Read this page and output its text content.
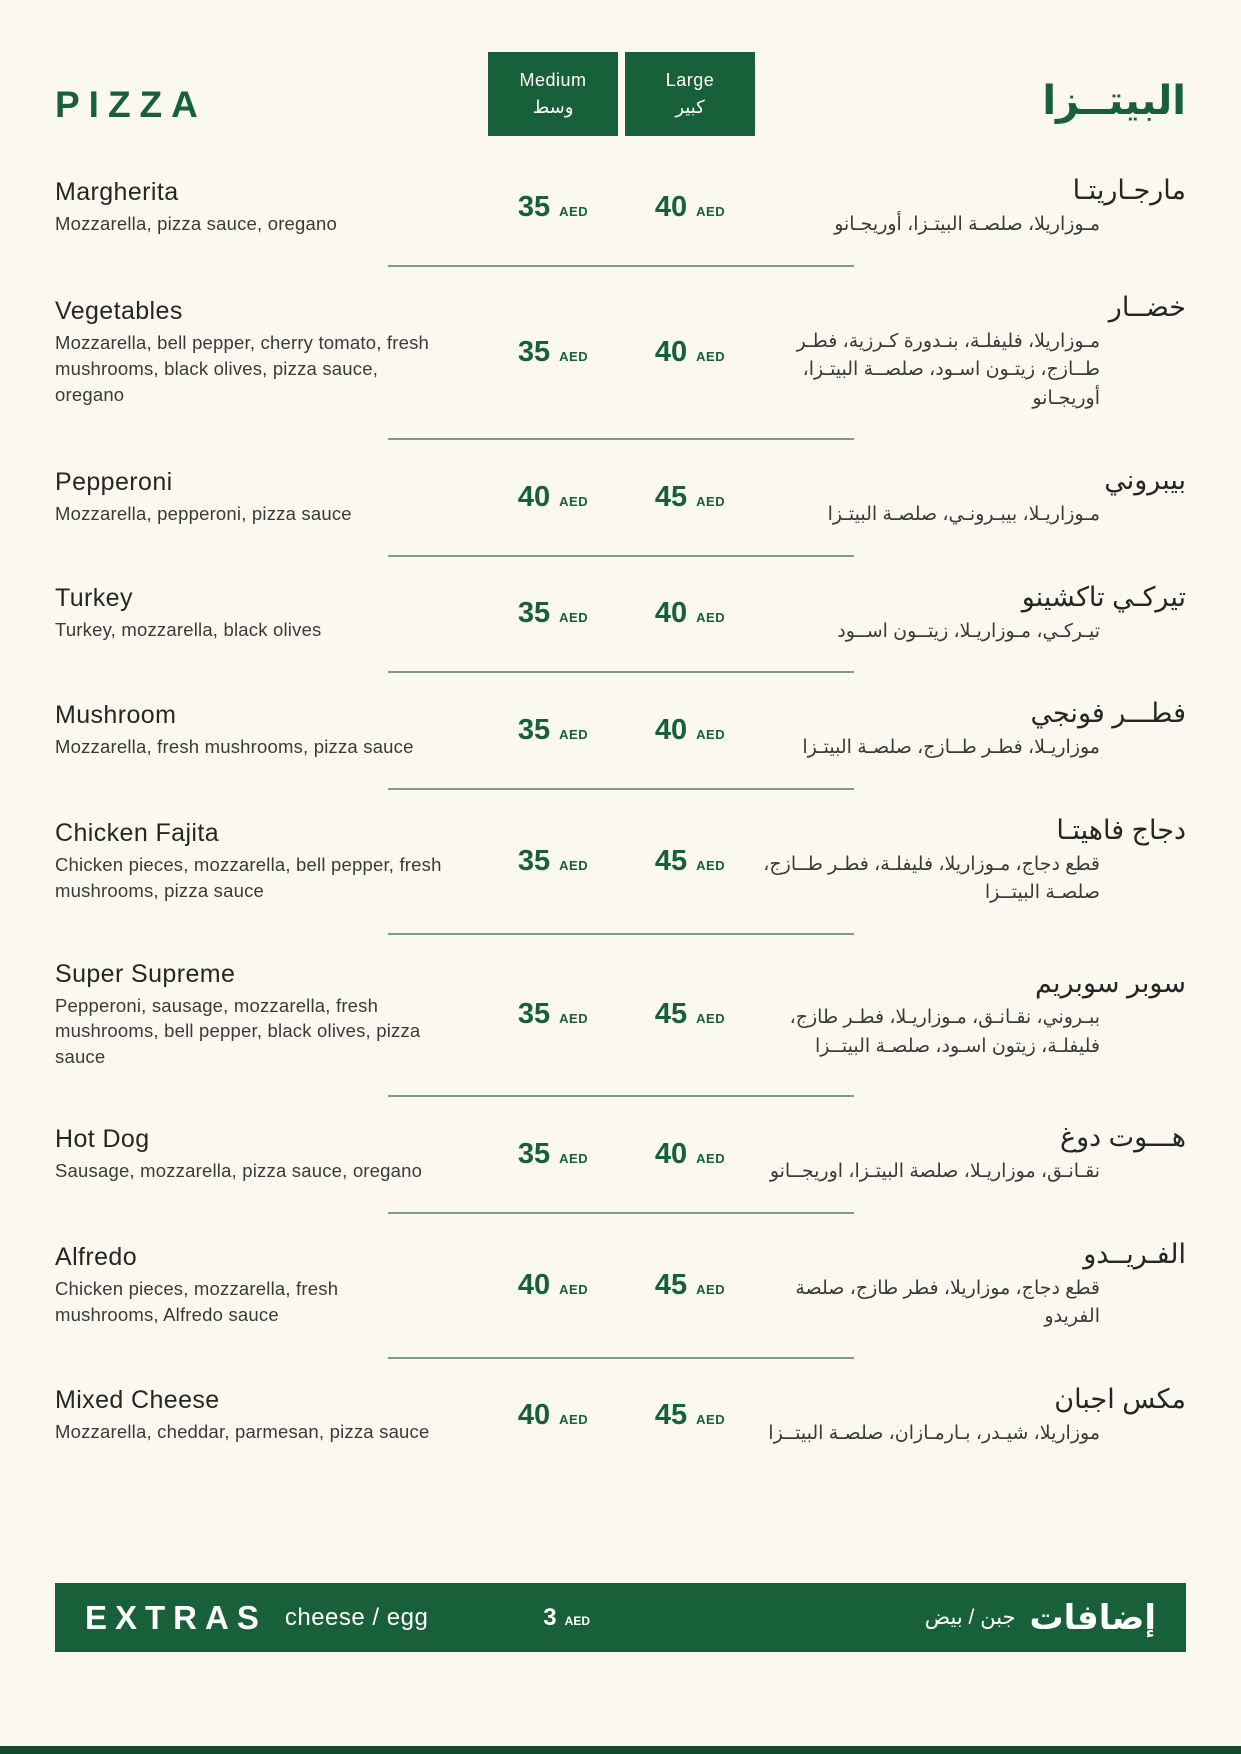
PIZZA
Medium
وسط
Large
كبير	البيتــزا
Margherita

Mozzarella, pizza sauce, oregano

35 AED 40 AED
مارجـاريتـا

مـوزاريلا، صلصـة البيتـزا، أوريجـانو

Vegetables

Mozzarella, bell pepper, cherry tomato, fresh mushrooms, black olives, pizza sauce, oregano

35 AED 40 AED
خضــار

مـوزاريلا، فليفلـة، بنـدورة كـرزية، فطـر طــازج، زيتـون اسـود، صلصــة البيتـزا، أوريجـانو

Pepperoni

Mozzarella, pepperoni, pizza sauce

40 AED 45 AED
بيبروني

مـوزاريـلا، بيبـرونـي، صلصـة البيتـزا

Turkey

Turkey, mozzarella, black olives

35 AED 40 AED
تيركـي تاكشينو

تيـركـي، مـوزاريـلا، زيتــون اســود

Mushroom

Mozzarella, fresh mushrooms, pizza sauce

35 AED 40 AED
فطـــر فونجي

موزاريـلا، فطـر طــازج، صلصـة البيتـزا

Chicken Fajita

Chicken pieces, mozzarella, bell pepper, fresh mushrooms, pizza sauce

35 AED 45 AED
دجاج فاهيتـا

قطع دجاج، مـوزاريلا، فليفلـة، فطـر طــازج، صلصـة البيتــزا

Super Supreme

Pepperoni, sausage, mozzarella, fresh mushrooms, bell pepper, black olives, pizza sauce

35 AED 45 AED
سوبر سوبريم

ببـروني، نقـانـق، مـوزاريـلا، فطـر طازج، فليفلـة، زيتون اسـود، صلصـة البيتــزا

Hot Dog

Sausage, mozzarella, pizza sauce, oregano

35 AED 40 AED
هـــوت دوغ

نقـانـق، موزاريـلا، صلصة البيتـزا، اوريجــانو

Alfredo

Chicken pieces, mozzarella, fresh mushrooms, Alfredo sauce

40 AED 45 AED
الفـريــدو

قطع دجاج، موزاريلا، فطر طازج، صلصة الفريدو

Mixed Cheese

Mozzarella, cheddar, parmesan, pizza sauce

40 AED 45 AED
مكس اجبان

موزاريلا، شيـدر، بـارمـازان، صلصـة البيتــزا

EXTRAS cheese / egg	3 AED	إضافات
جبن / بيض
